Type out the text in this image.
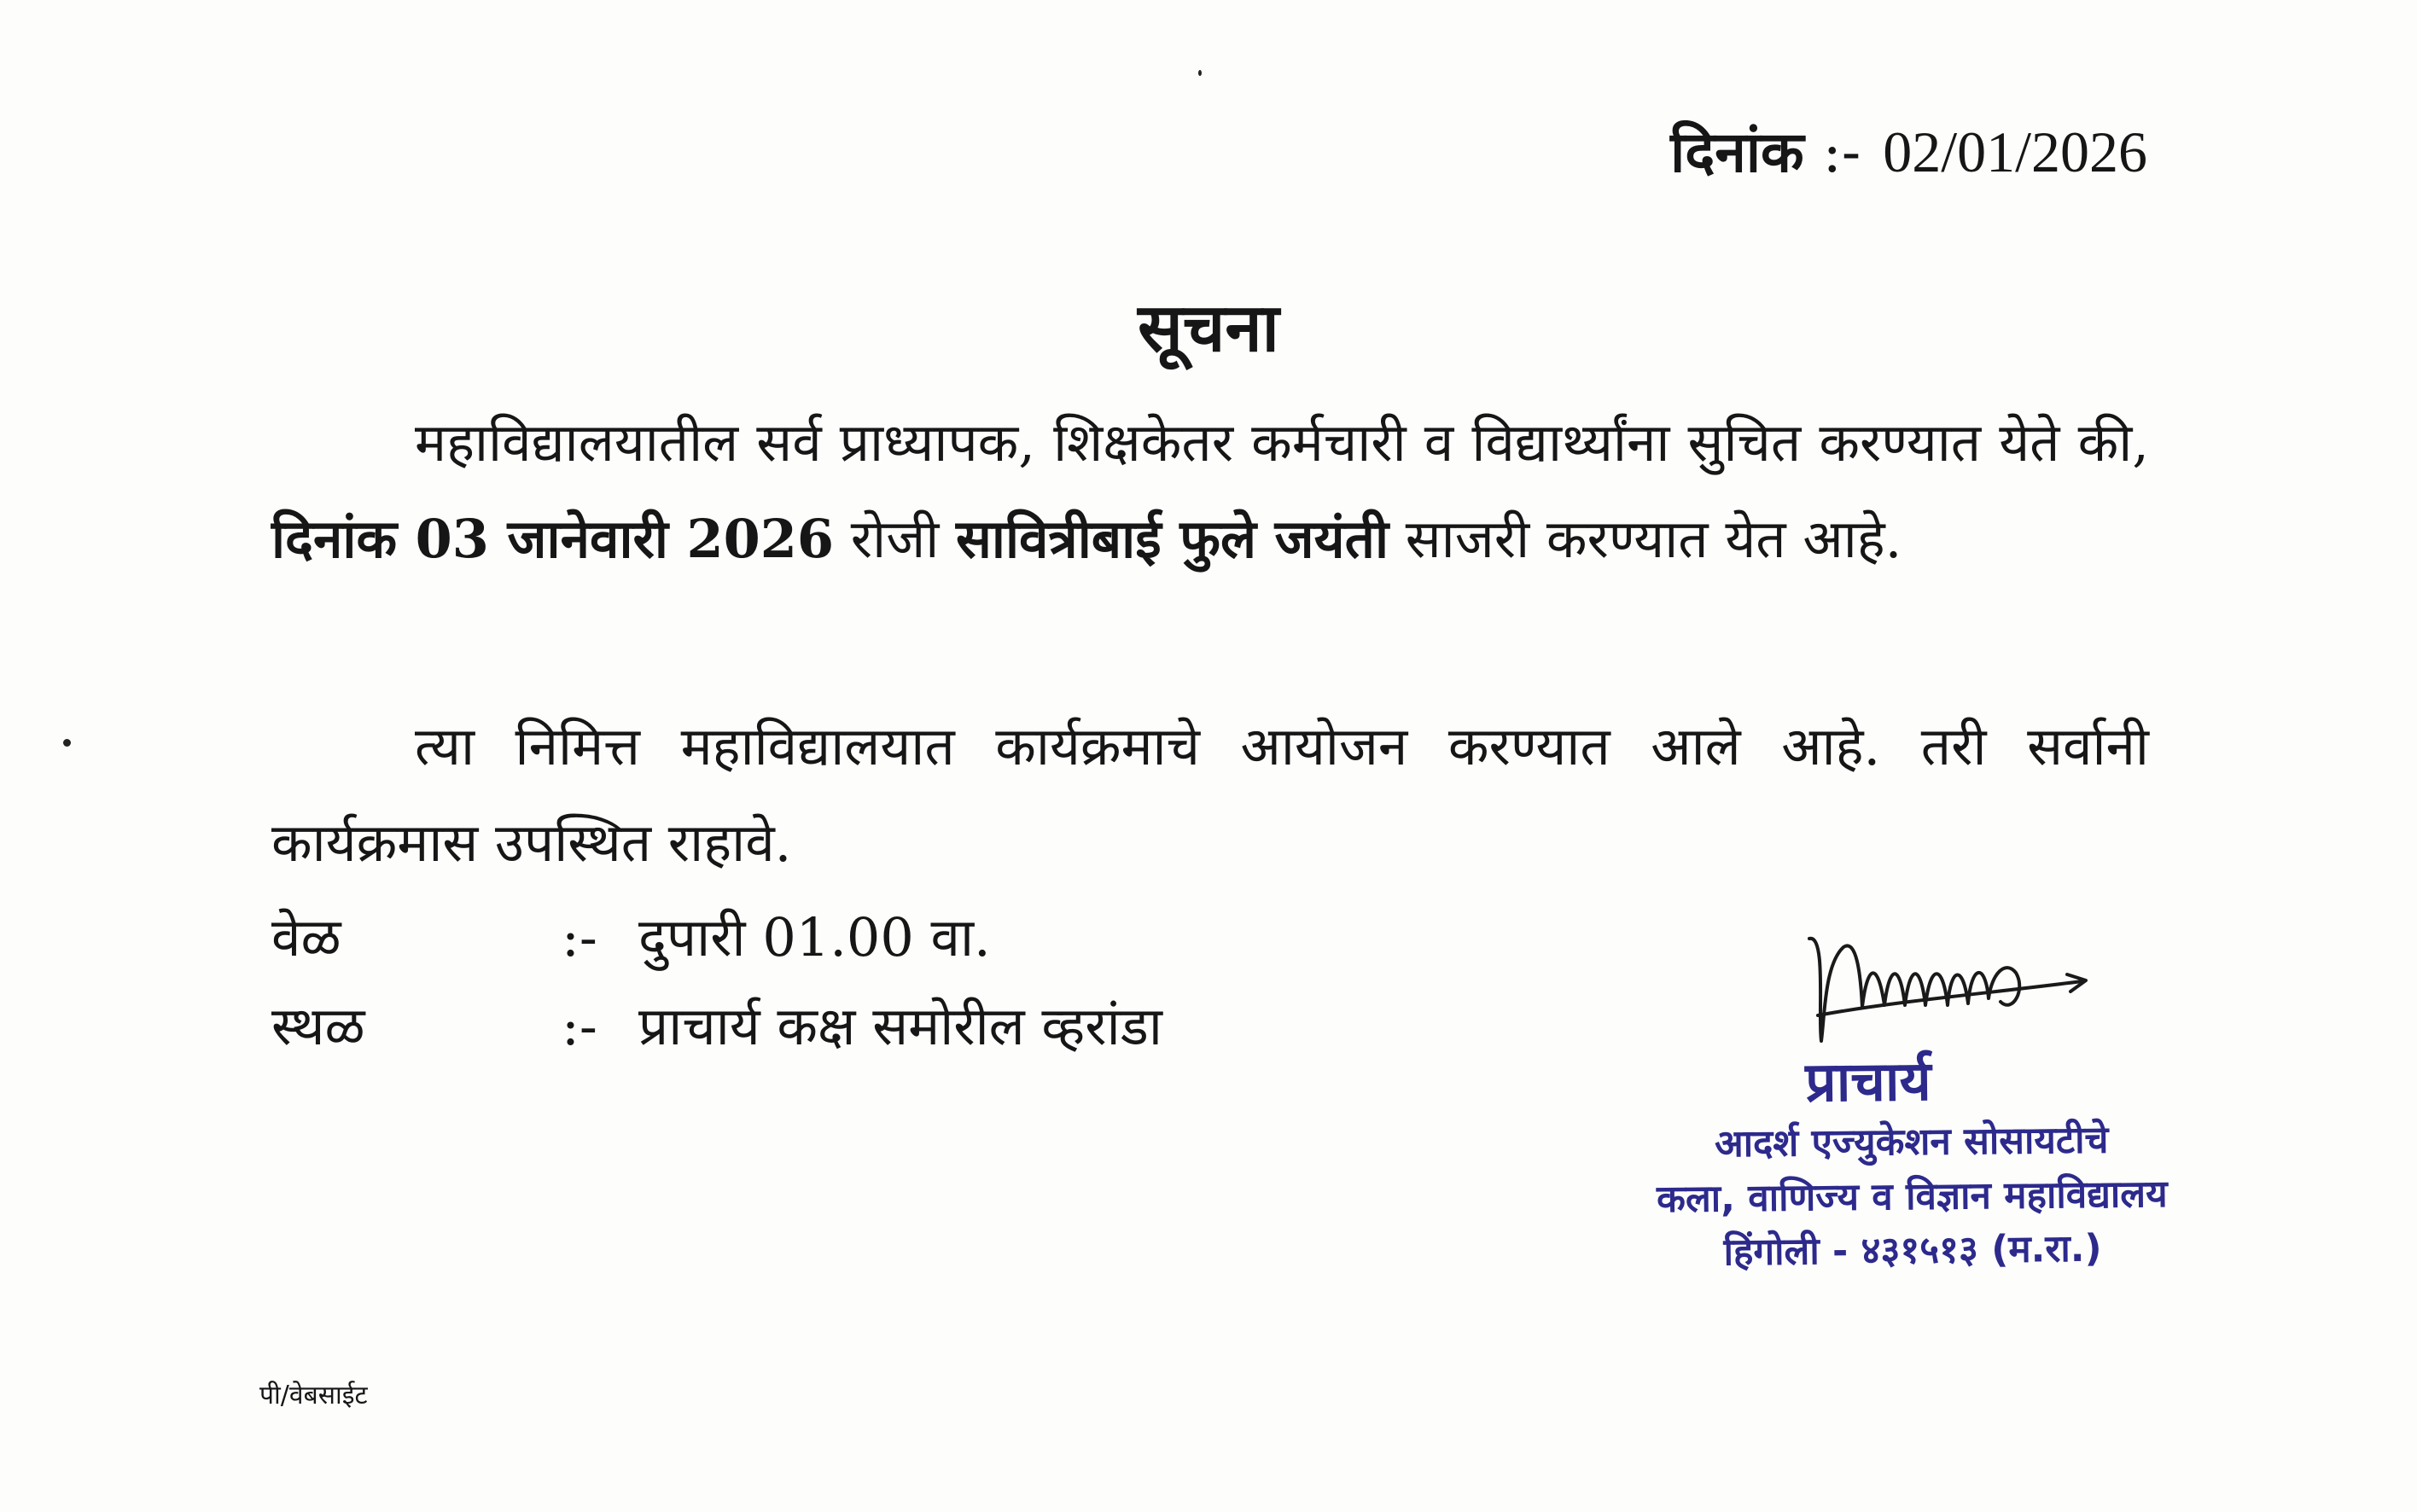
दिनांक :- 02/01/2026
सूचना
महाविद्यालयातील सर्व प्राध्यापक, शिक्षकेतर कर्मचारी व विद्यार्थ्यांना सुचित करण्यात येते की, दिनांक 03 जानेवारी 2026 रोजी सावित्रीबाई फुले जयंती साजरी करण्यात येत आहे.
त्या निमित्त महाविद्यालयात कार्यक्रमाचे आयोजन करण्यात आले आहे. तरी सर्वानी कार्यक्रमास उपस्थित राहावे.
वेळ	:- दुपारी 01.00 वा.
स्थळ	:- प्राचार्य कक्ष समोरील व्हरांडा
प्राचार्य
आदर्श एज्युकेशन सोसायटीचे
कला, वाणिज्य व विज्ञान महाविद्यालय
हिंगोली - ४३१५१३ (म.रा.)
पी/वेबसाईट
